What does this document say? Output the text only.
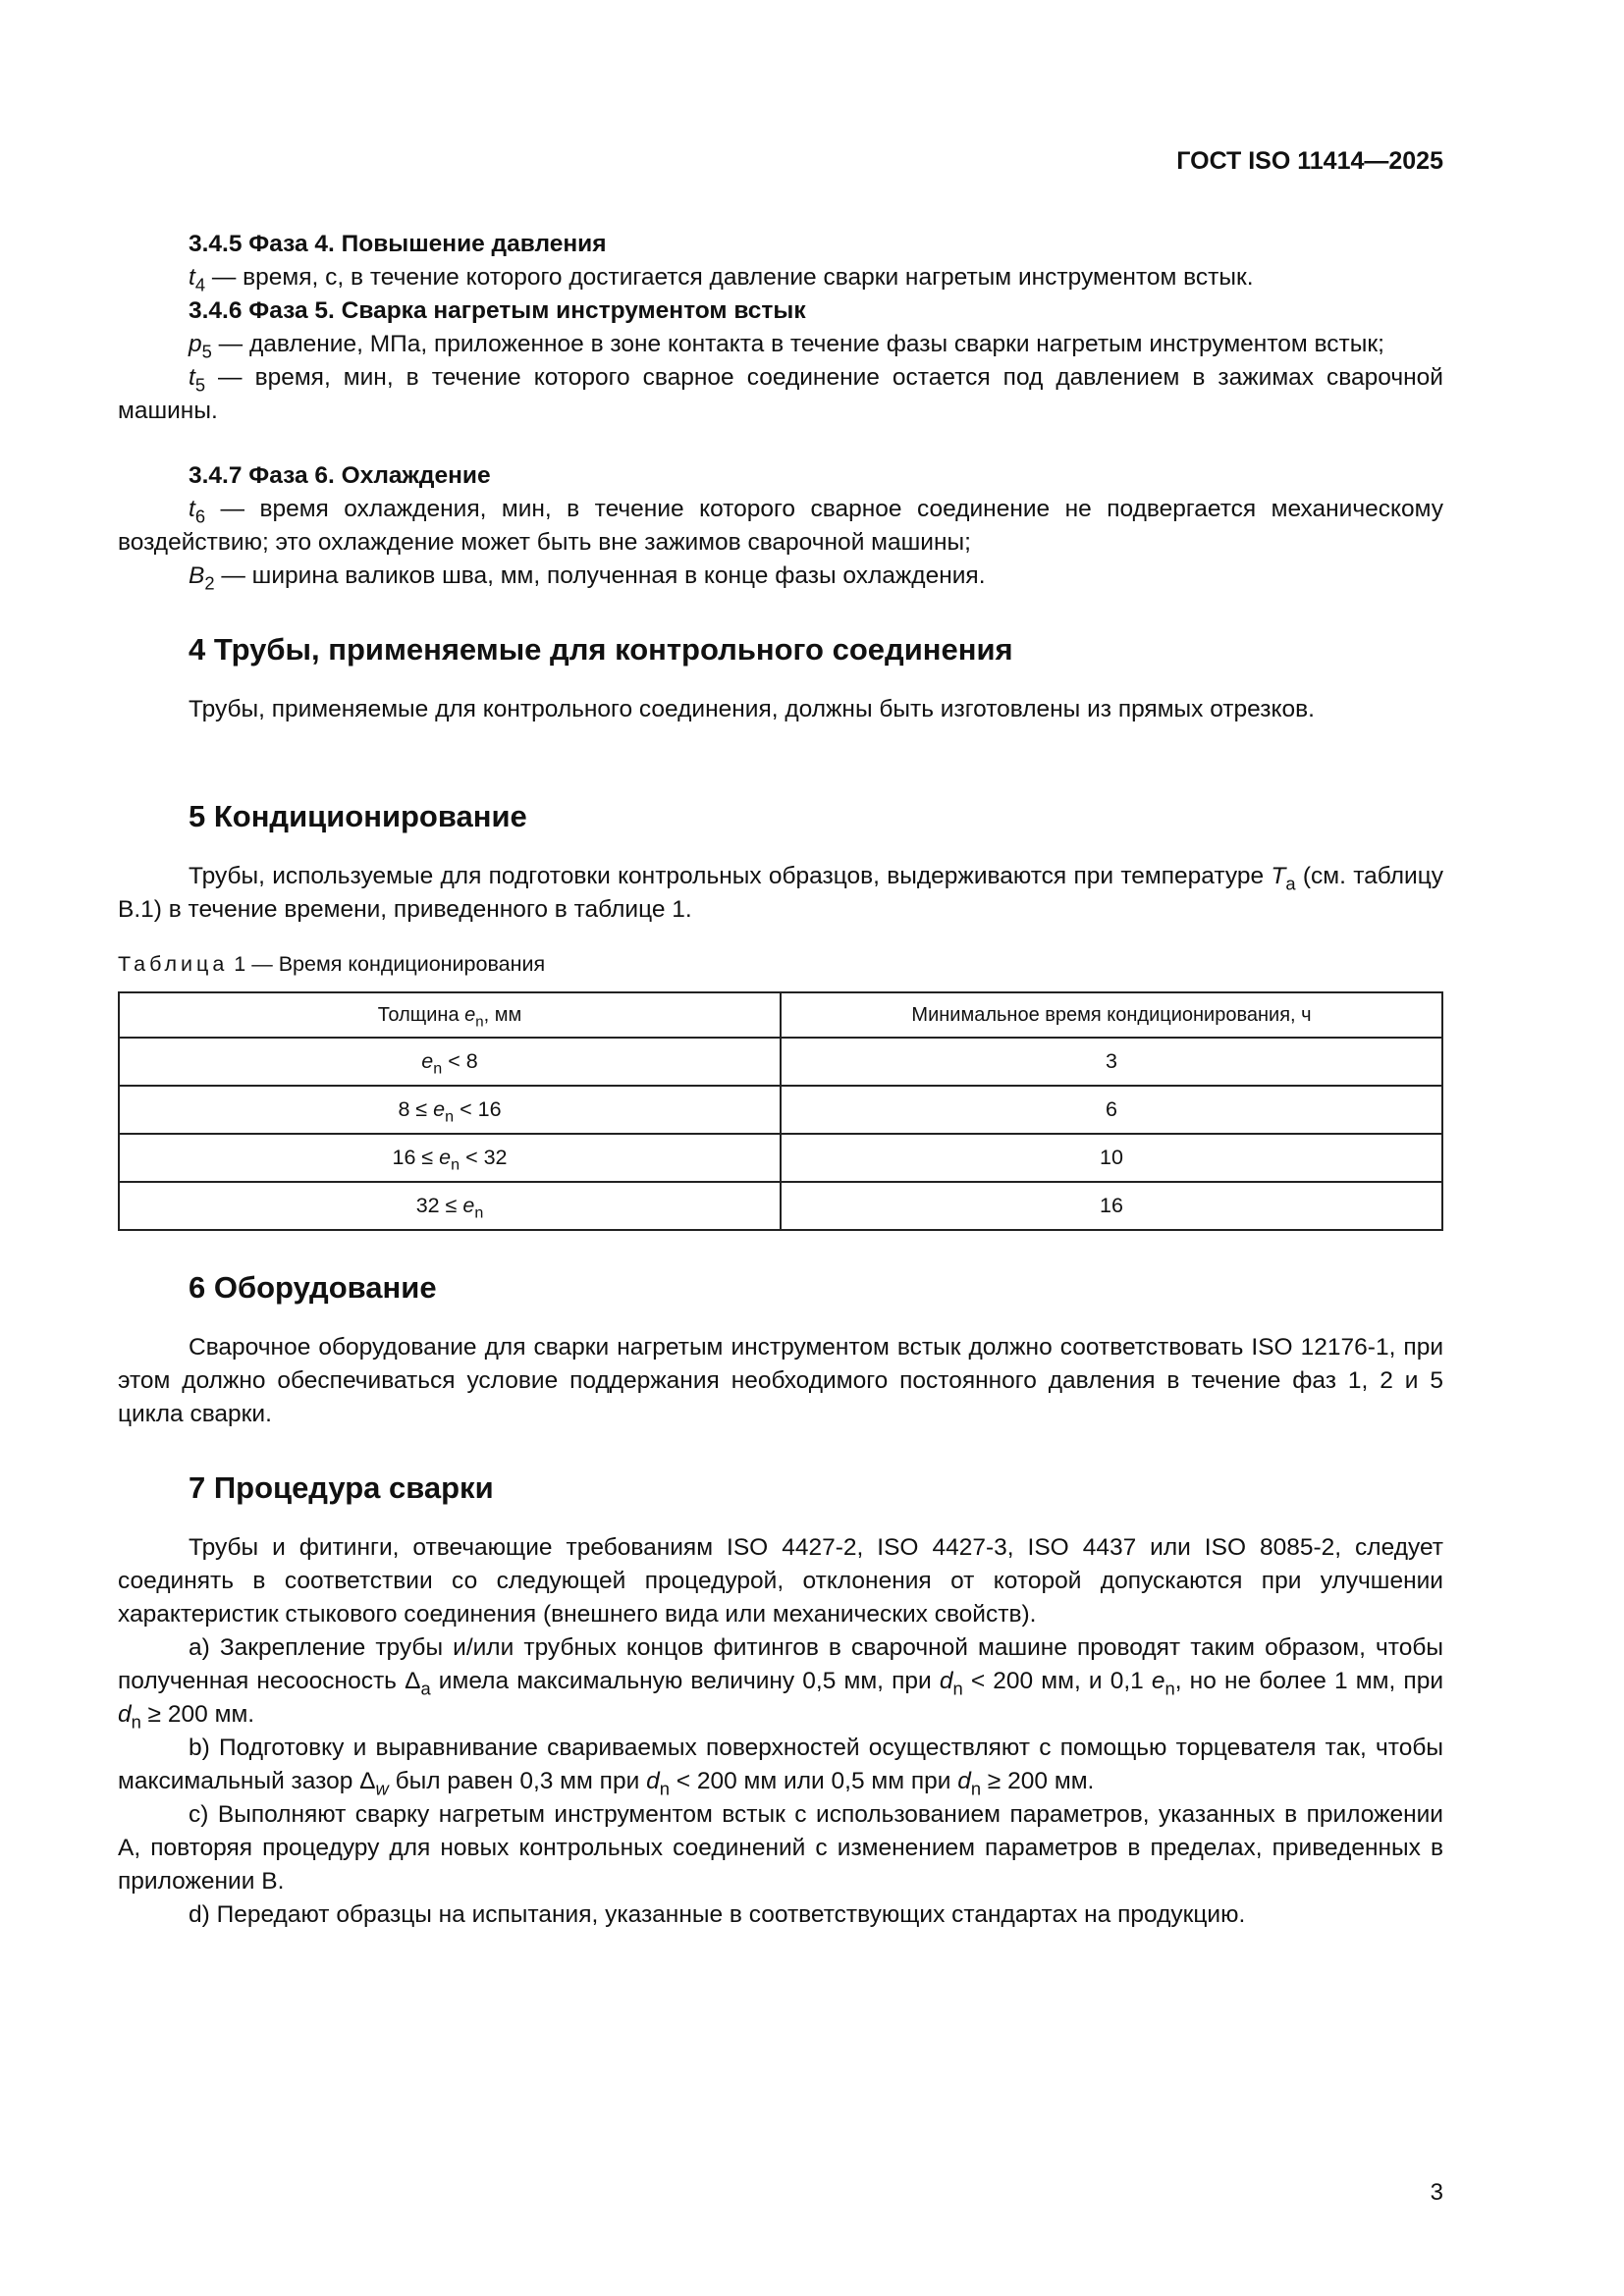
ГОСТ ISO 11414—2025
3.4.5 Фаза 4. Повышение давления

$t_4$ — время, с, в течение которого достигается давление сварки нагретым инструментом встык.

3.4.6 Фаза 5. Сварка нагретым инструментом встык

$p_5$ — давление, МПа, приложенное в зоне контакта в течение фазы сварки нагретым инструментом встык;

$t_5$ — время, мин, в течение которого сварное соединение остается под давлением в зажимах сварочной машины.

3.4.7 Фаза 6. Охлаждение

$t_6$ — время охлаждения, мин, в течение которого сварное соединение не подвергается механическому воздействию; это охлаждение может быть вне зажимов сварочной машины;

$B_2$ — ширина валиков шва, мм, полученная в конце фазы охлаждения.

4 Трубы, применяемые для контрольного соединения

Трубы, применяемые для контрольного соединения, должны быть изготовлены из прямых отрезков.

5 Кондиционирование

Трубы, используемые для подготовки контрольных образцов, выдерживаются при температуре $T_a$ (см. таблицу В.1) в течение времени, приведенного в таблице 1.

Таблица 1 — Время кондиционирования

Толщина $e_n$, мм	Минимальное время кондиционирования, ч
$e_n < 8$	3
$8 \le e_n < 16$	6
$16 \le e_n < 32$	10
$32 \le e_n$	16
6 Оборудование

Сварочное оборудование для сварки нагретым инструментом встык должно соответствовать ISO 12176-1, при этом должно обеспечиваться условие поддержания необходимого постоянного давления в течение фаз 1, 2 и 5 цикла сварки.

7 Процедура сварки

Трубы и фитинги, отвечающие требованиям ISO 4427-2, ISO 4427-3, ISO 4437 или ISO 8085-2, следует соединять в соответствии со следующей процедурой, отклонения от которой допускаются при улучшении характеристик стыкового соединения (внешнего вида или механических свойств).

a) Закрепление трубы и/или трубных концов фитингов в сварочной машине проводят таким образом, чтобы полученная несоосность $\Delta_a$ имела максимальную величину 0,5 мм, при $d_n < 200$ мм, и 0,1 $e_n$, но не более 1 мм, при $d_n \ge 200$ мм.

b) Подготовку и выравнивание свариваемых поверхностей осуществляют с помощью торцевателя так, чтобы максимальный зазор $\Delta_w$ был равен 0,3 мм при $d_n < 200$ мм или 0,5 мм при $d_n \ge 200$ мм.

c) Выполняют сварку нагретым инструментом встык с использованием параметров, указанных в приложении А, повторяя процедуру для новых контрольных соединений с изменением параметров в пределах, приведенных в приложении В.

d) Передают образцы на испытания, указанные в соответствующих стандартах на продукцию.

3
